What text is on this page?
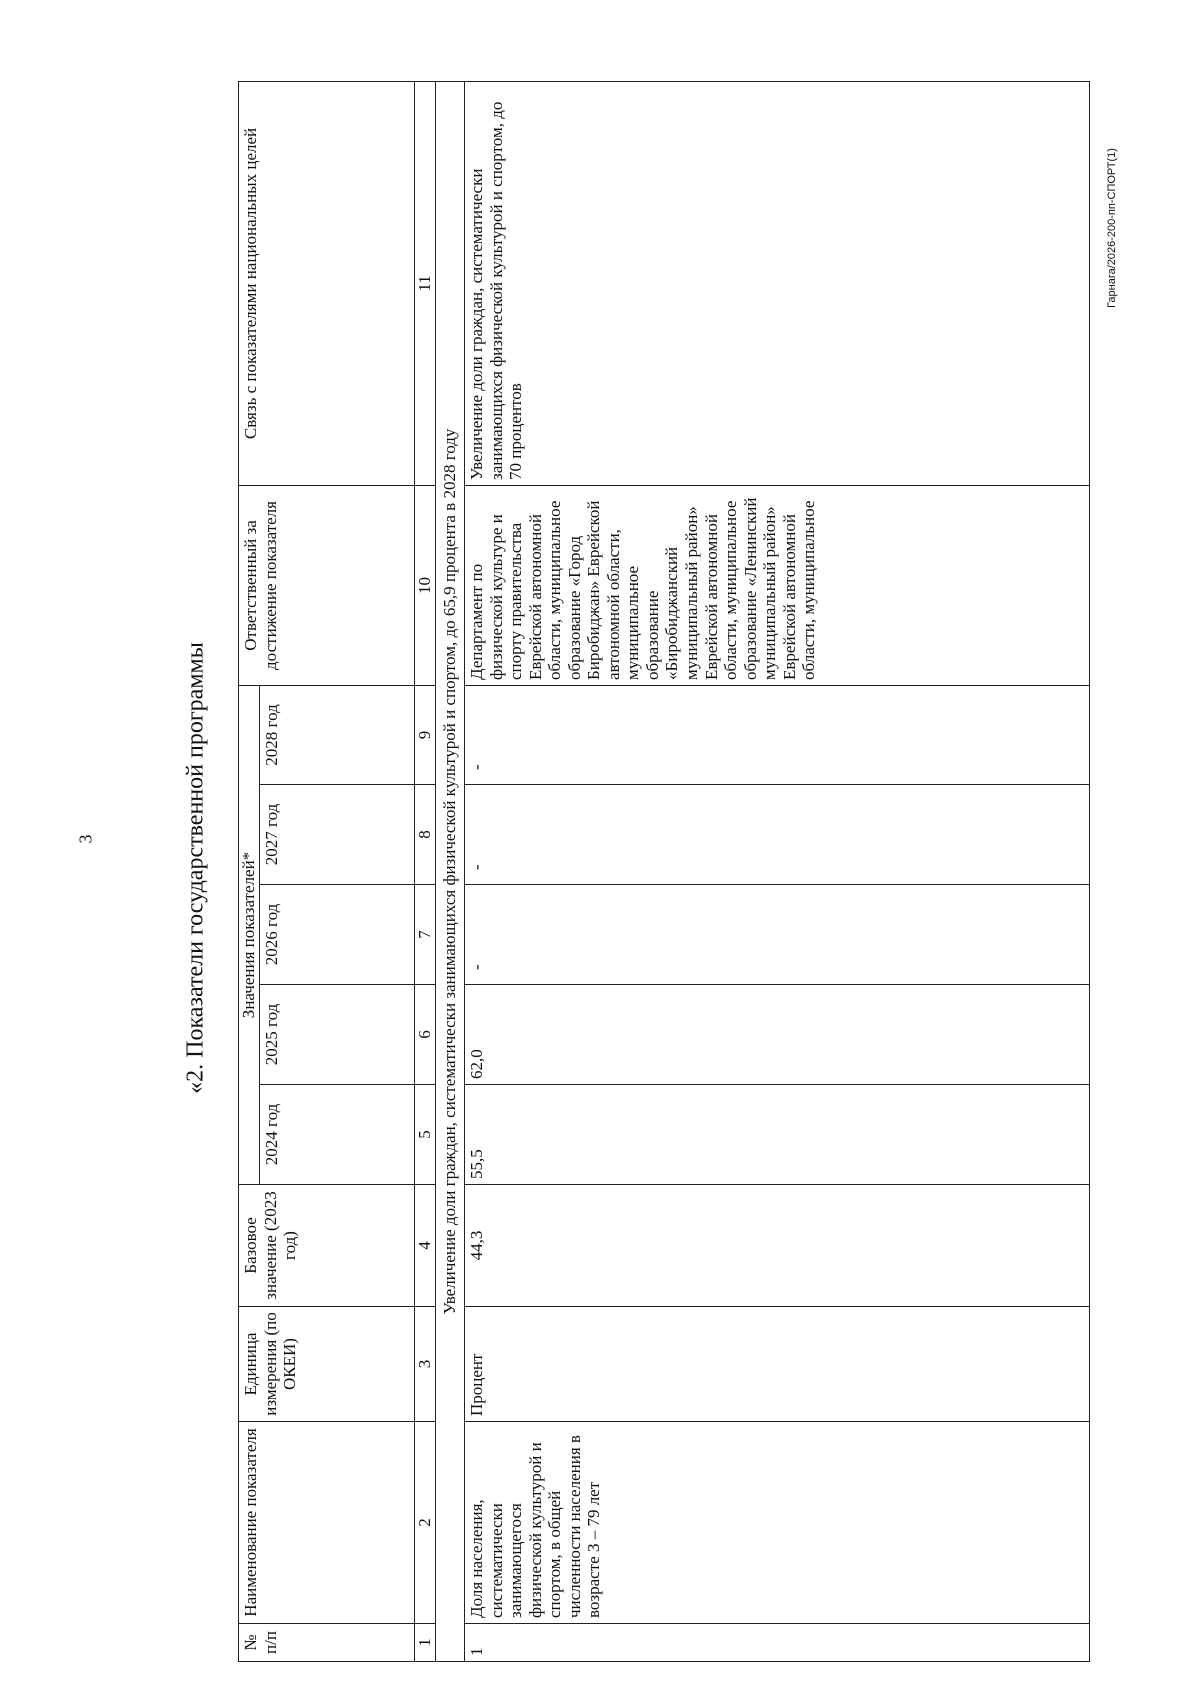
3	«2. Показатели государственной программы
Гарнага/2026-200-пп-СПОРТ(1)
№ п/п	Наименование показателя	Единица измерения (по ОКЕИ)	Базовое значение (2023 год)	Значения показателей*					Ответственный за достижение показателя	Связь с показателями национальных целей
				2024 год	2025 год	2026 год	2027 год	2028 год		
1	2	3	4	5	6	7	8	9	10	11
Увеличение доли граждан, систематически занимающихся физической культурой и спортом, до 65,9 процента в 2028 году										
1	Доля населения, систематически занимающегося физической культурой и спортом, в общей численности населения в возрасте 3 – 79 лет	Процент	44,3	55,5	62,0	-	-	-	Департамент по физической культуре и спорту правительства Еврейской автономной области, муниципальное образование «Город Биробиджан» Еврейской автономной области, муниципальное образование «Биробиджанский муниципальный район» Еврейской автономной области, муниципальное образование «Ленинский муниципальный район» Еврейской автономной области, муниципальное	Увеличение доли граждан, систематически занимающихся физической культурой и спортом, до 70 процентов
